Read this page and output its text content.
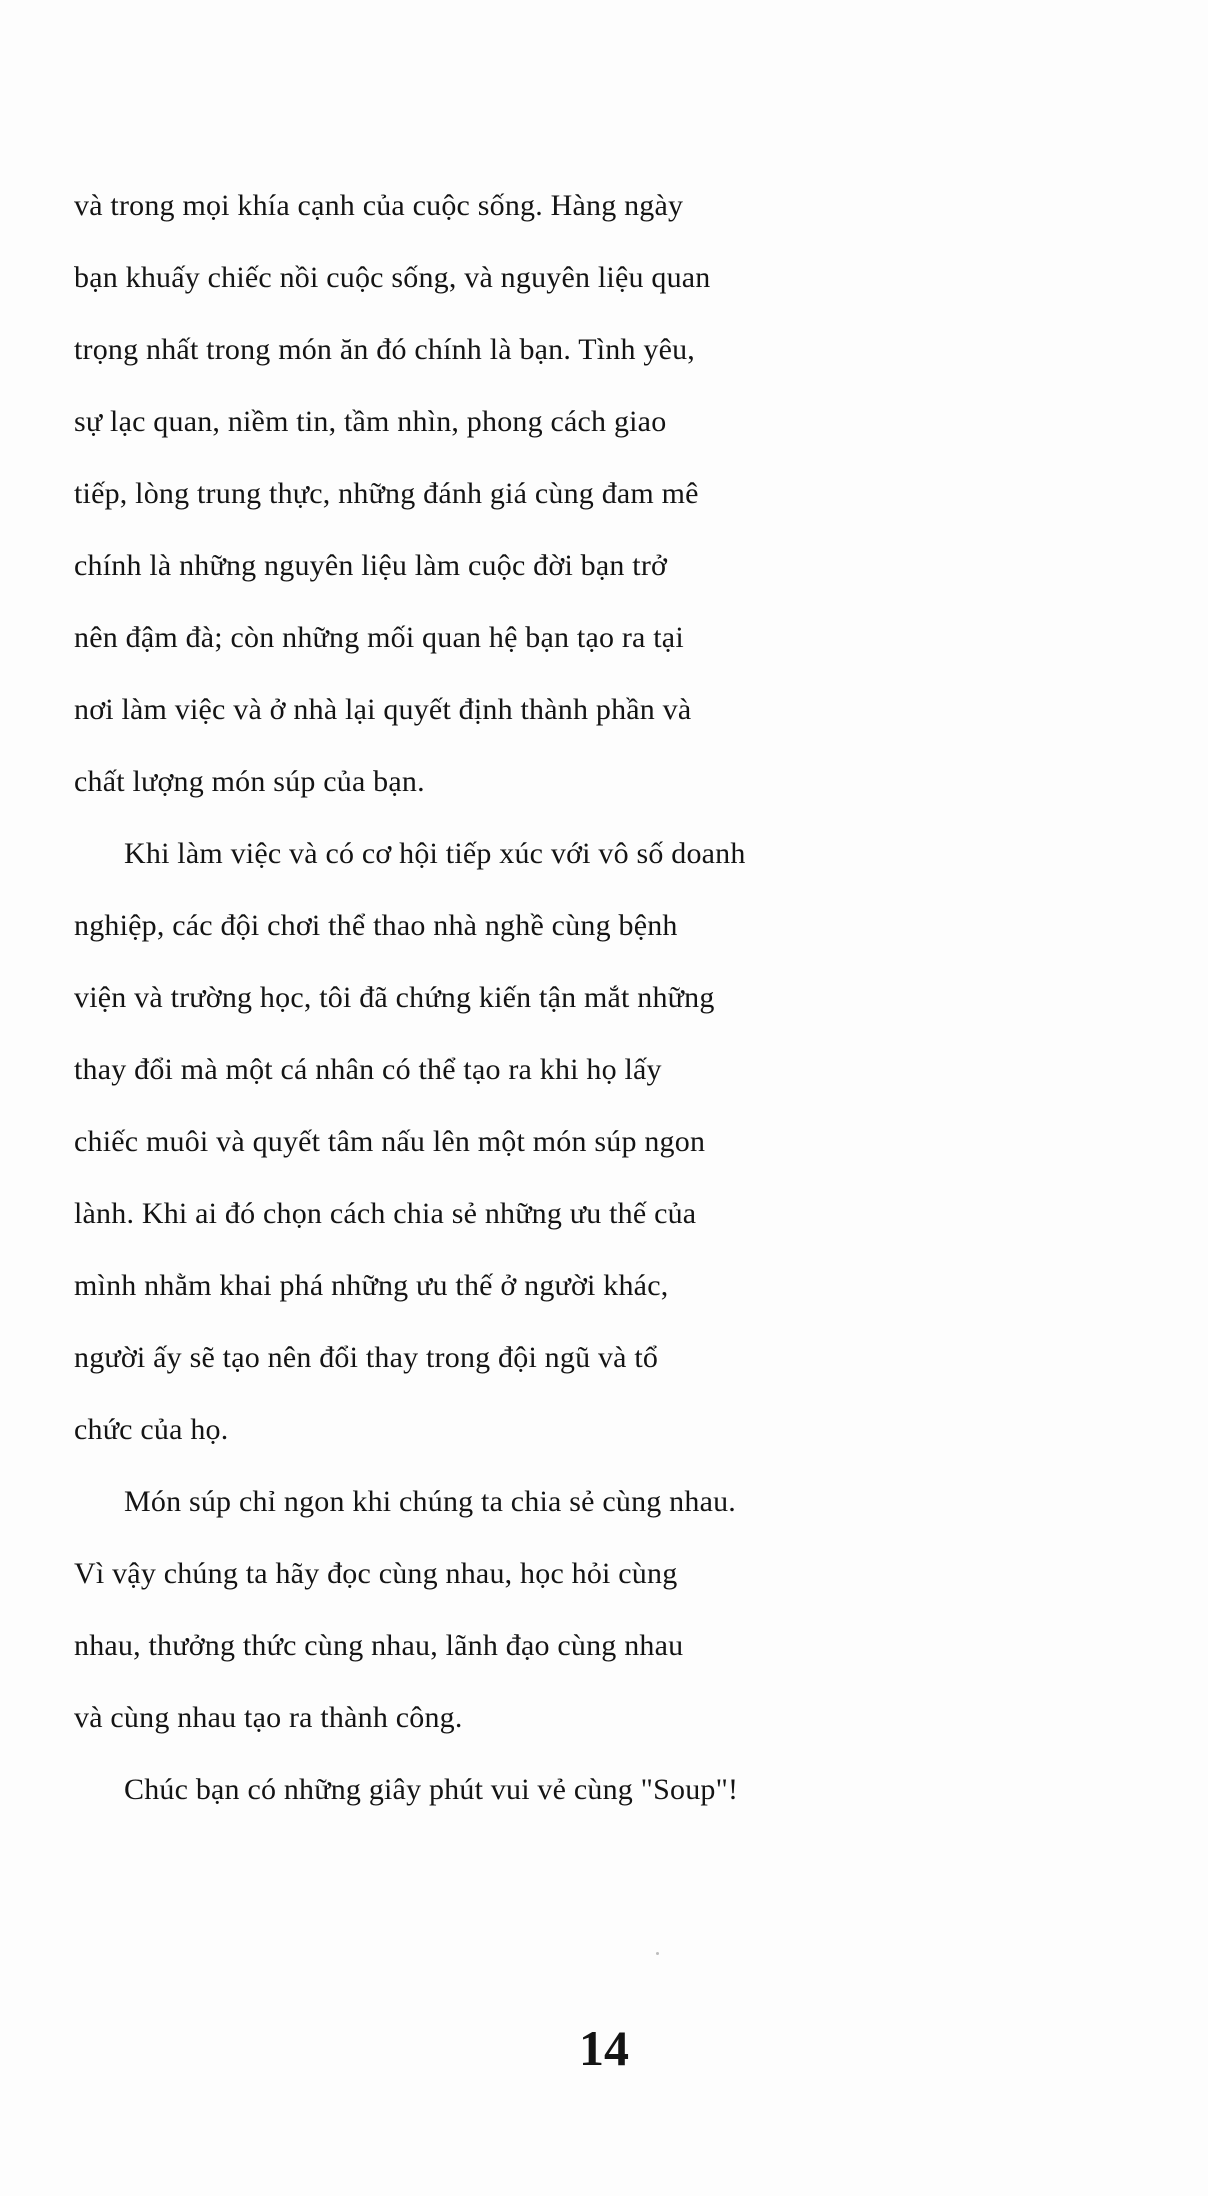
và trong mọi khía cạnh của cuộc sống. Hàng ngày
bạn khuấy chiếc nồi cuộc sống, và nguyên liệu quan
trọng nhất trong món ăn đó chính là bạn. Tình yêu,
sự lạc quan, niềm tin, tầm nhìn, phong cách giao
tiếp, lòng trung thực, những đánh giá cùng đam mê
chính là những nguyên liệu làm cuộc đời bạn trở
nên đậm đà; còn những mối quan hệ bạn tạo ra tại
nơi làm việc và ở nhà lại quyết định thành phần và
chất lượng món súp của bạn.
Khi làm việc và có cơ hội tiếp xúc với vô số doanh
nghiệp, các đội chơi thể thao nhà nghề cùng bệnh
viện và trường học, tôi đã chứng kiến tận mắt những
thay đổi mà một cá nhân có thể tạo ra khi họ lấy
chiếc muôi và quyết tâm nấu lên một món súp ngon
lành. Khi ai đó chọn cách chia sẻ những ưu thế của
mình nhằm khai phá những ưu thế ở người khác,
người ấy sẽ tạo nên đổi thay trong đội ngũ và tổ
chức của họ.
Món súp chỉ ngon khi chúng ta chia sẻ cùng nhau.
Vì vậy chúng ta hãy đọc cùng nhau, học hỏi cùng
nhau, thưởng thức cùng nhau, lãnh đạo cùng nhau
và cùng nhau tạo ra thành công.
Chúc bạn có những giây phút vui vẻ cùng "Soup"!
14
